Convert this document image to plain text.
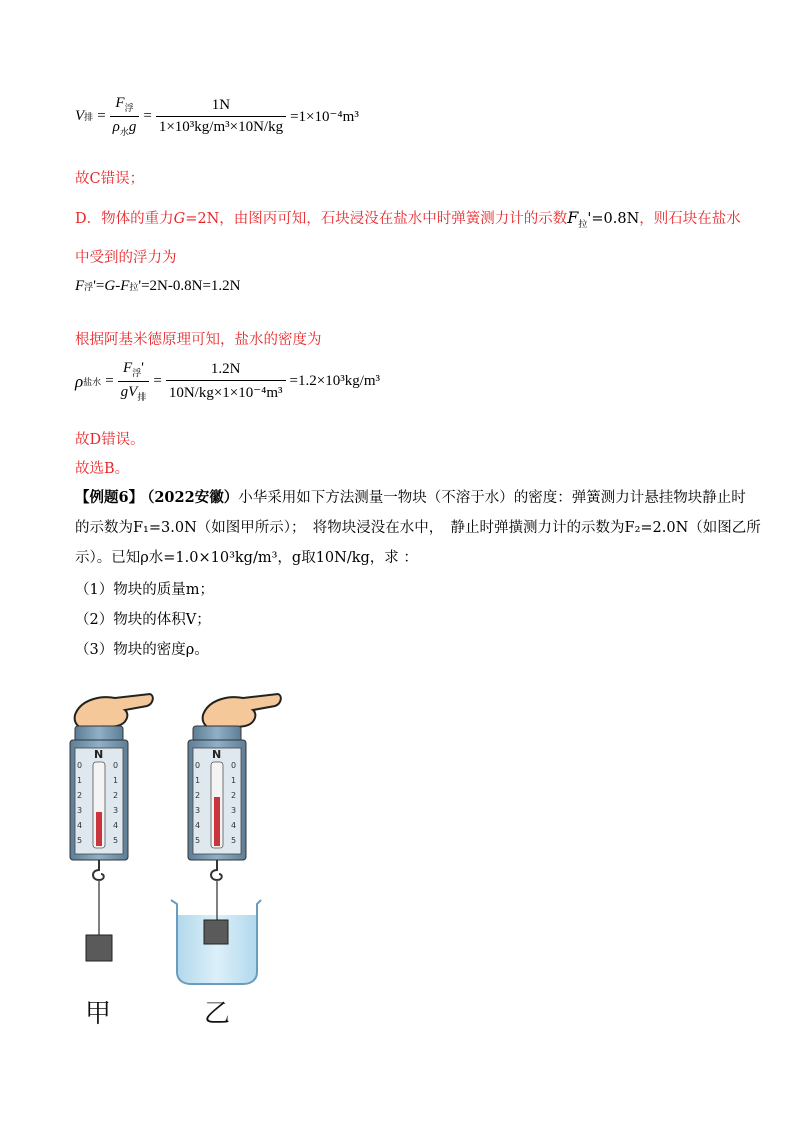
V 排 = $\frac{F_浮}{\rho_水g} = \frac{1N}{\text{1×10³kg/m³×10N/kg}} =1\times 10^{-4}m^3$
故C错误；
D．物体的重力G=2N，由图丙可知，石块浸没在盐水中时弹簧测力计的示数$F_拉'=0.8N$，则石块在盐水
中受到的浮力为
F 浮 '= G - F 拉 '=2N-0.8N=1.2N
根据阿基米德原理可知，盐水的密度为
ρ 盐水 = $\frac{F_浮'}{gV_排} = \frac{1.2N}{\text{10N/kg×1×10⁻⁴m³}} =1.2\times 10^3kg/m^3$
故D错误。
故选B。
【例题6】 （2022安徽）小华采用如下方法测量一物块（不溶于水）的密度：弹簧测力计悬挂物块静止时
的示数为F₁=3.0N（如图甲所示）；　将物块浸没在水中，　静止时弹撗测力计的示数为F₂=2.0N（如图乙所
示）。已知ρ水=1.0×10³kg/m³，g取10N/kg，求 ：
（1）物块的质量m；
（2）物块的体积V；
（3）物块的密度ρ。
N
0	0
1	1
2	2
3	3
4	4
5	5
N
0	0
1	1
2	2
3	3
4	4
5	5
甲	乙
